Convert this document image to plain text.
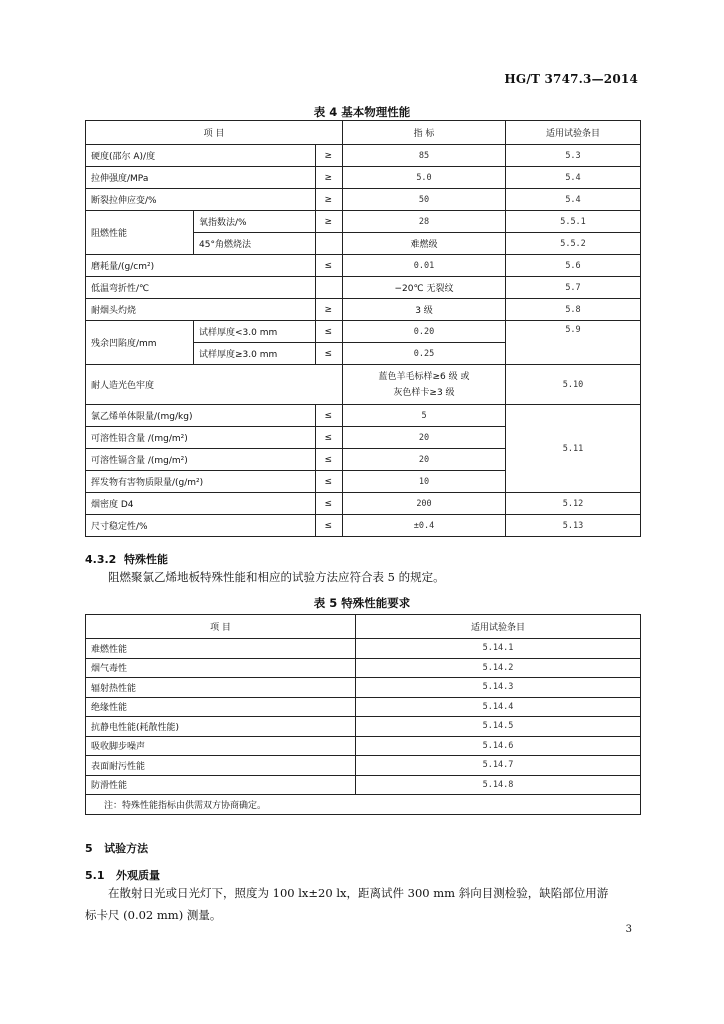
HG/T 3747.3—2014
表 4 基本物理性能
项 目			指 标	适用试验条目
硬度(邵尔 A)/度		≥	85	5.3
拉伸强度/MPa		≥	5.0	5.4
断裂拉伸应变/%		≥	50	5.4
阻燃性能	氧指数法/%	≥	28	5.5.1
	45°角燃烧法		难燃级	5.5.2
磨耗量/(g/cm²)		≤	0.01	5.6
低温弯折性/℃			−20℃ 无裂纹	5.7
耐烟头灼烧		≥	3 级	5.8
残余凹陷度/mm	试样厚度<3.0 mm	≤	0.20	5.9
	试样厚度≥3.0 mm	≤	0.25	
耐人造光色牢度			蓝色羊毛标样≥6 级 或
灰色样卡≥3 级	5.10
氯乙烯单体限量/(mg/kg)		≤	5	5.11
可溶性铅含量 /(mg/m²)		≤	20	
可溶性镉含量 /(mg/m²)		≤	20	
挥发物有害物质限量/(g/m²)		≤	10	
烟密度 D4		≤	200	5.12
尺寸稳定性/%		≤	±0.4	5.13
4.3.2 特殊性能
阻燃聚氯乙烯地板特殊性能和相应的试验方法应符合表 5 的规定。
表 5 特殊性能要求
项 目	适用试验条目
难燃性能	5.14.1
烟气毒性	5.14.2
辐射热性能	5.14.3
绝缘性能	5.14.4
抗静电性能(耗散性能)	5.14.5
吸收脚步噪声	5.14.6
表面耐污性能	5.14.7
防滑性能	5.14.8
注：特殊性能指标由供需双方协商确定。	
5 试验方法
5.1 外观质量
在散射日光或日光灯下，照度为 100 lx±20 lx，距离试件 300 mm 斜向目测检验，缺陷部位用游
标卡尺 (0.02 mm) 测量。
3
